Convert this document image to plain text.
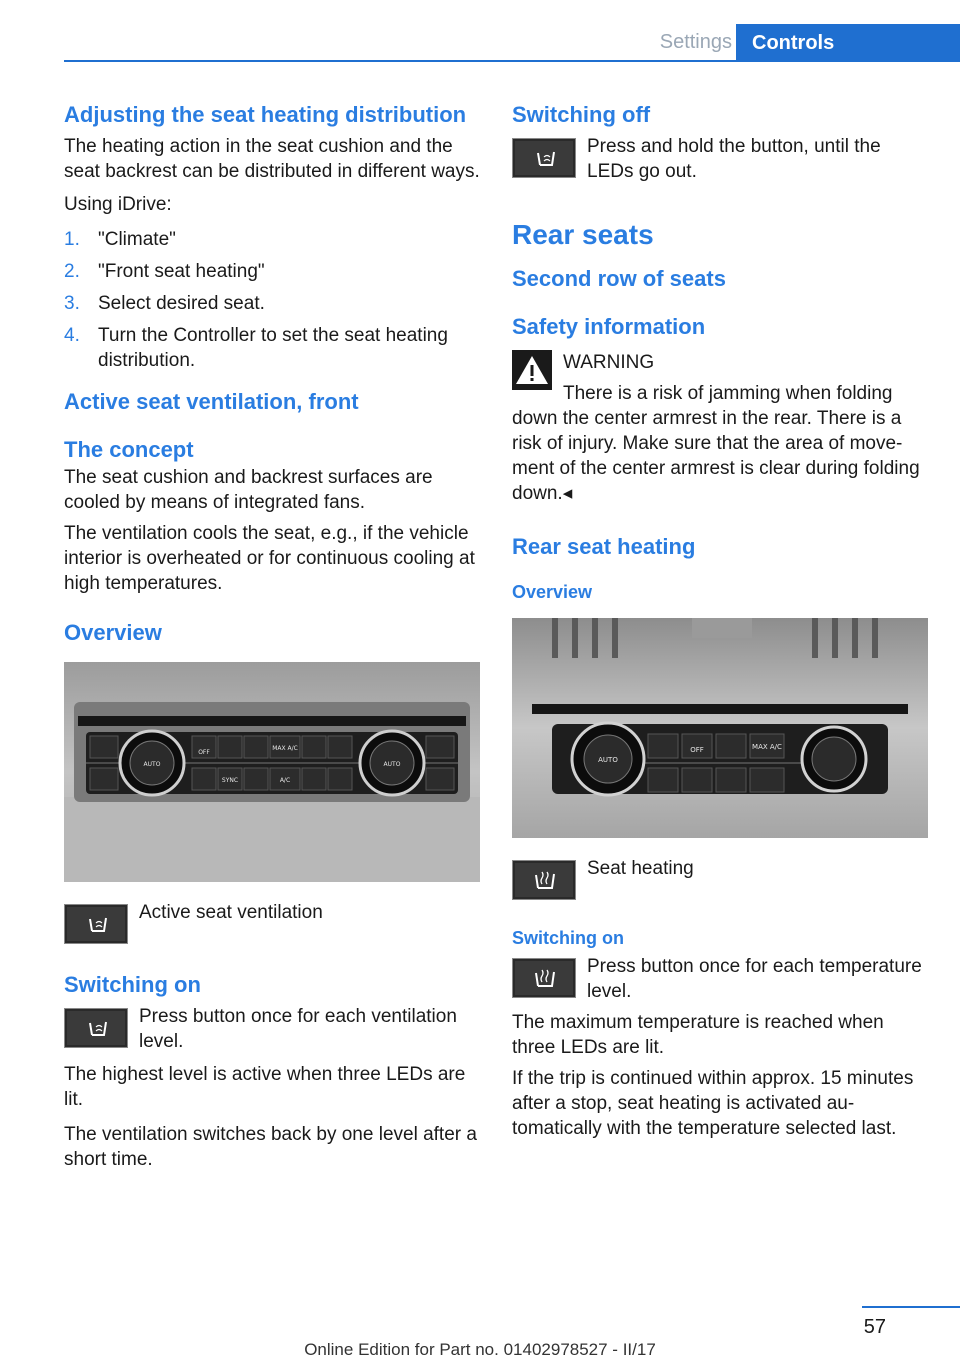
Settings	Controls
Adjusting the seat heating distribution

The heating action in the seat cushion and the seat backrest can be distributed in different ways.

Using iDrive:

1. "Climate"
2. "Front seat heating"
3. Select desired seat.
4. Turn the Controller to set the seat heating distribution.
Active seat ventilation, front
The concept

The seat cushion and backrest surfaces are cooled by means of integrated fans.

The ventilation cools the seat, e.g., if the vehicle interior is overheated or for continuous cooling at high temperatures.

Overview
AUTO	AUTO
OFF
MAX A/C
SYNC	A/C
Active seat ventilation
Switching on
Press button once for each ventilation level.

The highest level is active when three LEDs are lit.

The ventilation switches back by one level after a short time.

Switching off
Press and hold the button, until the LEDs go out.
Rear seats
Second row of seats
Safety information
WARNING
There is a risk of jamming when folding

down the center armrest in the rear. There is a risk of injury. Make sure that the area of movement of the center armrest is clear during folding down.◂

Rear seat heating
Overview
AUTO
OFF	MAX A/C
Seat heating
Switching on
Press button once for each temperature level.

The maximum temperature is reached when three LEDs are lit.

If the trip is continued within approx. 15 minutes after a stop, seat heating is activated automatically with the temperature selected last.

57
Online Edition for Part no. 01402978527 - II/17
